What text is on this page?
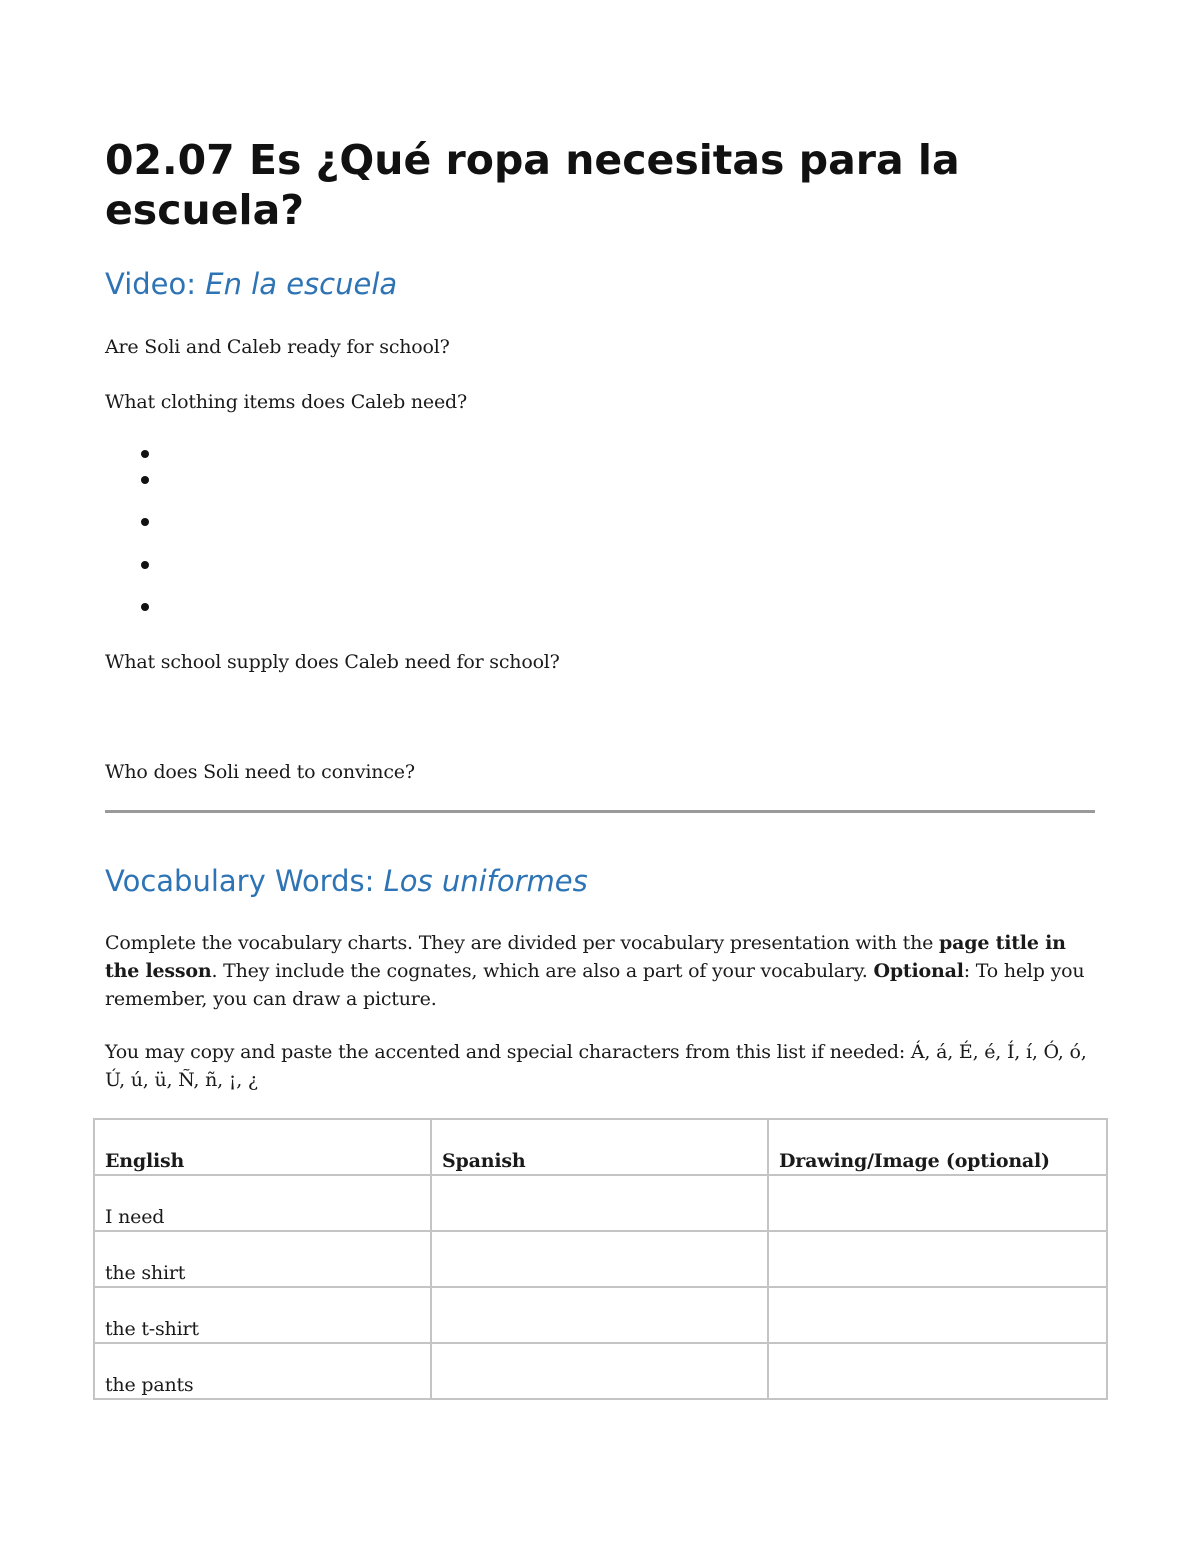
02.07 Es ¿Qué ropa necesitas para la escuela?
Video: En la escuela

Are Soli and Caleb ready for school?

What clothing items does Caleb need?

What school supply does Caleb need for school?

Who does Soli need to convince?

Vocabulary Words: Los uniformes

Complete the vocabulary charts. They are divided per vocabulary presentation with the page title in the lesson. They include the cognates, which are also a part of your vocabulary. Optional: To help you remember, you can draw a picture.

You may copy and paste the accented and special characters from this list if needed: Á, á, É, é, Í, í, Ó, ó, Ú, ú, ü, Ñ, ñ, ¡, ¿

English	Spanish	Drawing/Image (optional)
I need		
the shirt		
the t-shirt		
the pants		
